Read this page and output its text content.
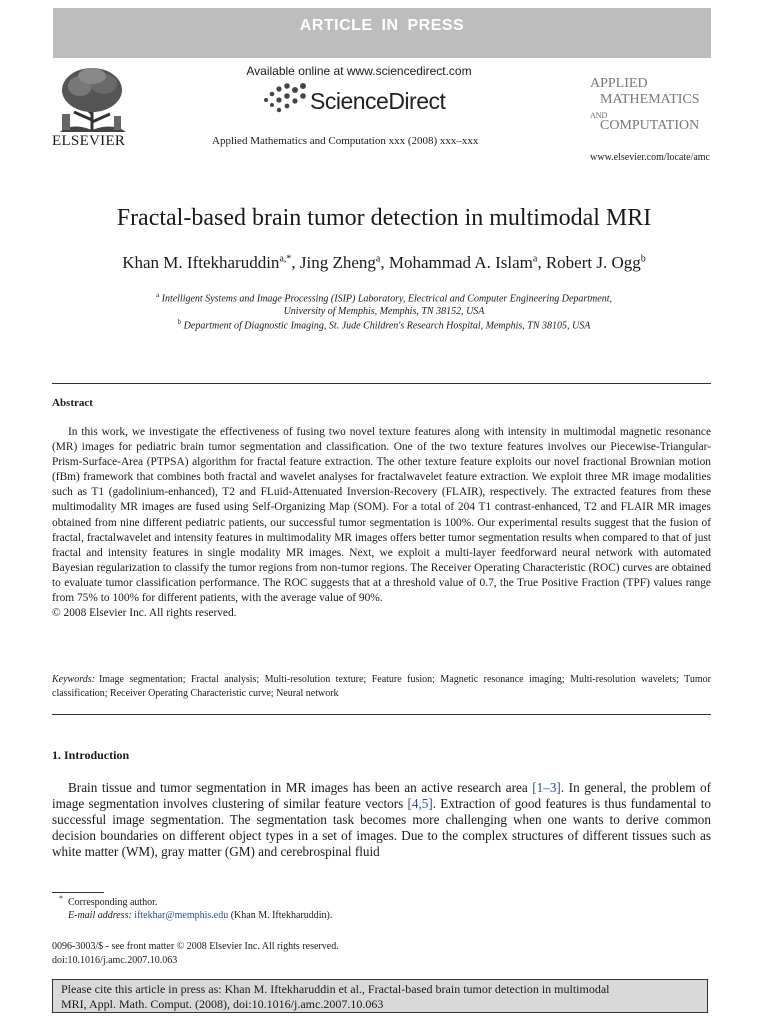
ARTICLE IN PRESS
ELSEVIER
Available online at www.sciencedirect.com
ScienceDirect
Applied Mathematics and Computation xxx (2008) xxx–xxx
APPLIED
MATHEMATICS
AND
COMPUTATION
www.elsevier.com/locate/amc
Fractal-based brain tumor detection in multimodal MRI
Khan M. Iftekharuddin$^{a,*}$, Jing Zheng$^a$, Mohammad A. Islam$^a$, Robert J. Ogg$^b$
$^a$ Intelligent Systems and Image Processing (ISIP) Laboratory, Electrical and Computer Engineering Department,
University of Memphis, Memphis, TN 38152, USA
$^b$ Department of Diagnostic Imaging, St. Jude Children's Research Hospital, Memphis, TN 38105, USA
Abstract

In this work, we investigate the effectiveness of fusing two novel texture features along with intensity in multimodal magnetic resonance (MR) images for pediatric brain tumor segmentation and classification. One of the two texture features involves our Piecewise-Triangular-Prism-Surface-Area (PTPSA) algorithm for fractal feature extraction. The other texture feature exploits our novel fractional Brownian motion (fBm) framework that combines both fractal and wavelet analyses for fractalwavelet feature extraction. We exploit three MR image modalities such as T1 (gadolinium-enhanced), T2 and FLuid-Attenuated Inversion-Recovery (FLAIR), respectively. The extracted features from these multimodality MR images are fused using Self-Organizing Map (SOM). For a total of 204 T1 contrast-enhanced, T2 and FLAIR MR images obtained from nine different pediatric patients, our successful tumor segmentation is 100%. Our experimental results suggest that the fusion of fractal, fractalwavelet and intensity features in multimodality MR images offers better tumor segmentation results when compared to that of just fractal and intensity features in single modality MR images. Next, we exploit a multi-layer feedforward neural network with automated Bayesian regularization to classify the tumor regions from non-tumor regions. The Receiver Operating Characteristic (ROC) curves are obtained to evaluate tumor classification performance. The ROC suggests that at a threshold value of 0.7, the True Positive Fraction (TPF) values range from 75% to 100% for different patients, with the average value of 90%.

© 2008 Elsevier Inc. All rights reserved.

Keywords: Image segmentation; Fractal analysis; Multi-resolution texture; Feature fusion; Magnetic resonance imaging; Multi-resolution wavelets; Tumor classification; Receiver Operating Characteristic curve; Neural network
1. Introduction

Brain tissue and tumor segmentation in MR images has been an active research area [1–3]. In general, the problem of image segmentation involves clustering of similar feature vectors [4,5]. Extraction of good features is thus fundamental to successful image segmentation. The segmentation task becomes more challenging when one wants to derive common decision boundaries on different object types in a set of images. Due to the complex structures of different tissues such as white matter (WM), gray matter (GM) and cerebrospinal fluid

* Corresponding author.
E-mail address: iftekhar@memphis.edu (Khan M. Iftekharuddin).
0096-3003/$ - see front matter © 2008 Elsevier Inc. All rights reserved.
doi:10.1016/j.amc.2007.10.063
Please cite this article in press as: Khan M. Iftekharuddin et al., Fractal-based brain tumor detection in multimodal
MRI, Appl. Math. Comput. (2008), doi:10.1016/j.amc.2007.10.063
